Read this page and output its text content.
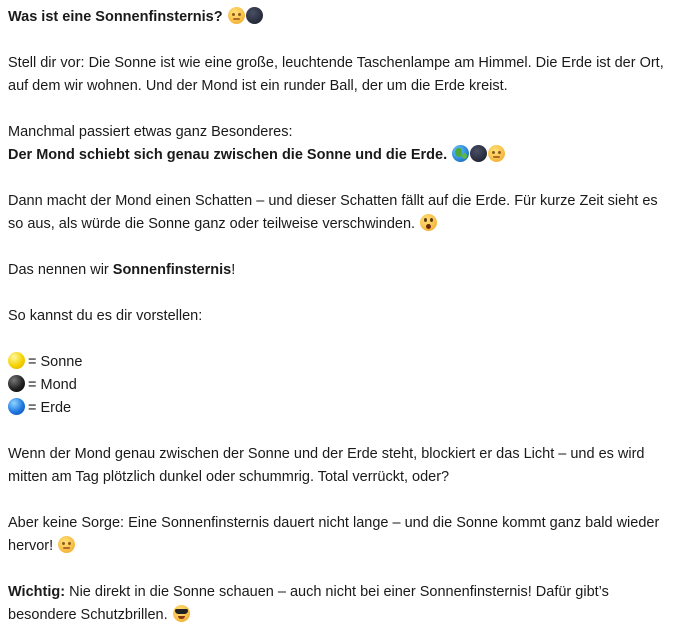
Was ist eine Sonnenfinsternis?

Stell dir vor: Die Sonne ist wie eine große, leuchtende Taschenlampe am Himmel. Die Erde ist der Ort, auf dem wir wohnen. Und der Mond ist ein runder Ball, der um die Erde kreist.

Manchmal passiert etwas ganz Besonderes:
Der Mond schiebt sich genau zwischen die Sonne und die Erde.

Dann macht der Mond einen Schatten – und dieser Schatten fällt auf die Erde. Für kurze Zeit sieht es so aus, als würde die Sonne ganz oder teilweise verschwinden.

Das nennen wir Sonnenfinsternis!

So kannst du es dir vorstellen:

= Sonne
= Mond
= Erde

Wenn der Mond genau zwischen der Sonne und der Erde steht, blockiert er das Licht – und es wird mitten am Tag plötzlich dunkel oder schummrig. Total verrückt, oder?

Aber keine Sorge: Eine Sonnenfinsternis dauert nicht lange – und die Sonne kommt ganz bald wieder hervor!

Wichtig: Nie direkt in die Sonne schauen – auch nicht bei einer Sonnenfinsternis! Dafür gibt’s besondere Schutzbrillen.
